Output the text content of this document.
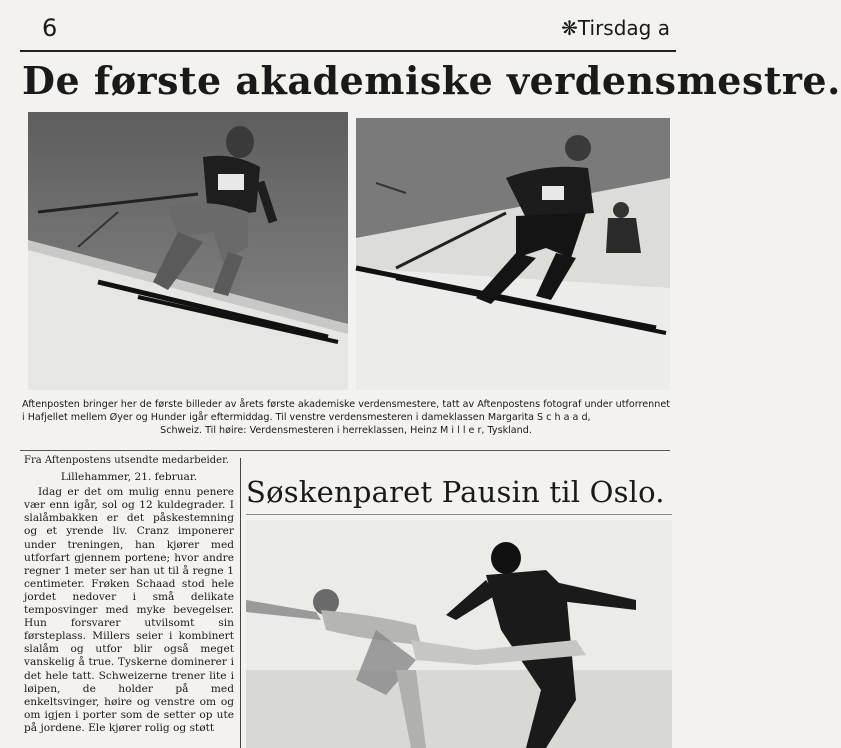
6	❋Tirsdag a
De første akademiske verdensmestre.
Aftenposten bringer her de første billeder av årets første akademiske verdensmestere, tatt av Aftenpostens fotograf under utforrennet i Hafjellet mellem Øyer og Hunder igår eftermiddag. Til venstre verdensmesteren i dameklassen Margarita S c h a a d,
Schweiz. Til høire: Verdensmesteren i herreklassen, Heinz M i l l e r, Tyskland.

Fra Aftenpostens utsendte medarbeider.

Lillehammer, 21. februar.

Idag er det om mulig ennu penere vær enn igår, sol og 12 kuldegrader. I slalåmbakken er det påskestemning og et yrende liv. Cranz imponerer under treningen, han kjører med utforfart gjennem portene; hvor andre regner 1 meter ser han ut til å regne 1 centimeter. Frøken Schaad stod hele jordet nedover i små delikate temposvinger med myke bevegelser. Hun forsvarer utvilsomt sin førsteplass. Millers seier i kombinert slalåm og utfor blir også meget vanskelig å true. Tyskerne dominerer i det hele tatt. Schweizerne trener lite i løipen, de holder på med enkeltsvinger, høire og venstre om og om igjen i porter som de setter op ute på jordene. Ele kjører rolig og støtt

Søskenparet Pausin til Oslo.
